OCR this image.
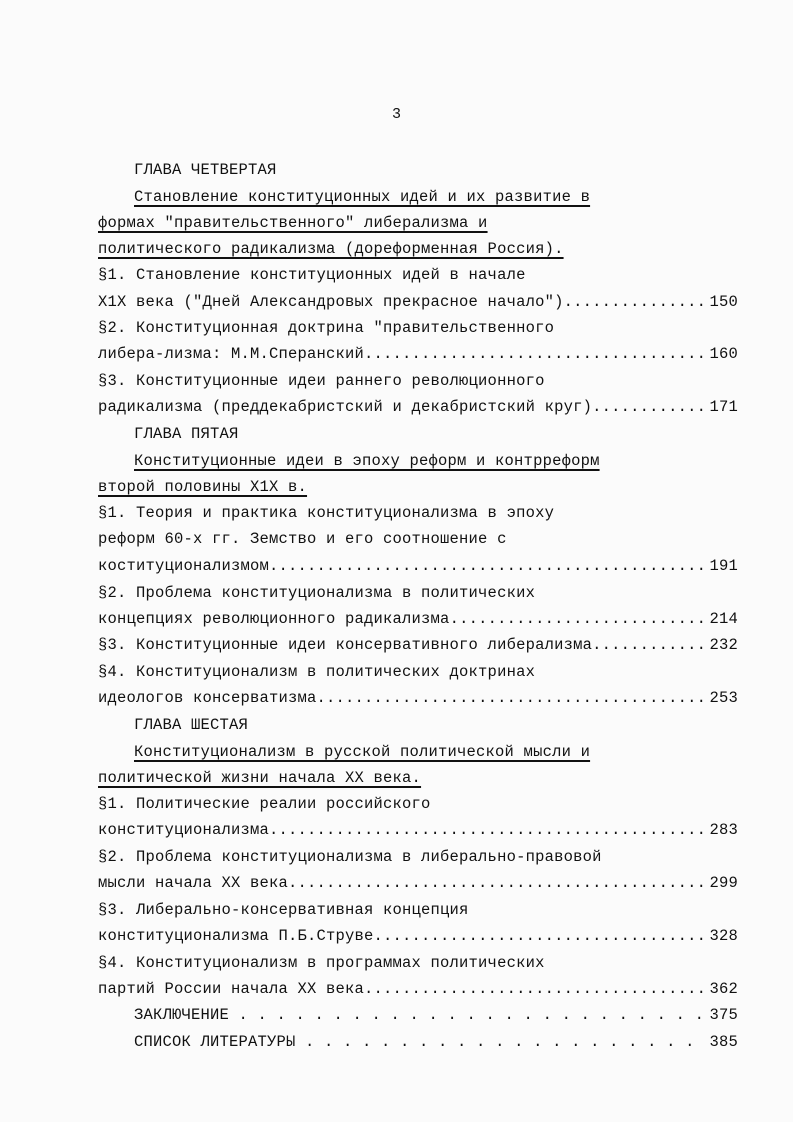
3
ГЛАВА ЧЕТВЕРТАЯ
Становление конституционных идей и их развитие в
формах "правительственного" либерализма и
политического радикализма (дореформенная Россия).
§1. Становление конституционных идей в начале
Х1Х века ("Дней Александровых прекрасное начало") .....	150
§2. Конституционная доктрина "правительственного
либера-лизма: М.М.Сперанский .....	160
§3. Конституционные идеи раннего революционного
радикализма (преддекабристский и декабристский круг) .....	171
ГЛАВА ПЯТАЯ
Конституционные идеи в эпоху реформ и контрреформ
второй половины Х1Х в.
§1. Теория и практика конституционализма в эпоху
реформ 60-х гг. Земство и его соотношение с
коституционализмом .....	191
§2. Проблема конституционализма в политических
концепциях революционного радикализма .....	214
§3. Конституционные идеи консервативного либерализма .....	232
§4. Конституционализм в политических доктринах
идеологов консерватизма .....	253
ГЛАВА ШЕСТАЯ
Конституционализм в русской политической мысли и
политической жизни начала XX века.
§1. Политические реалии российского
конституционализма .....	283
§2. Проблема конституционализма в либерально-правовой
мысли начала XX века .....	299
§3. Либерально-консервативная концепция
конституционализма П.Б.Струве .....	328
§4. Конституционализм в программах политических
партий России начала XX века .....	362
ЗАКЛЮЧЕНИЕ . . .	375
СПИСОК ЛИТЕРАТУРЫ . . .	385
